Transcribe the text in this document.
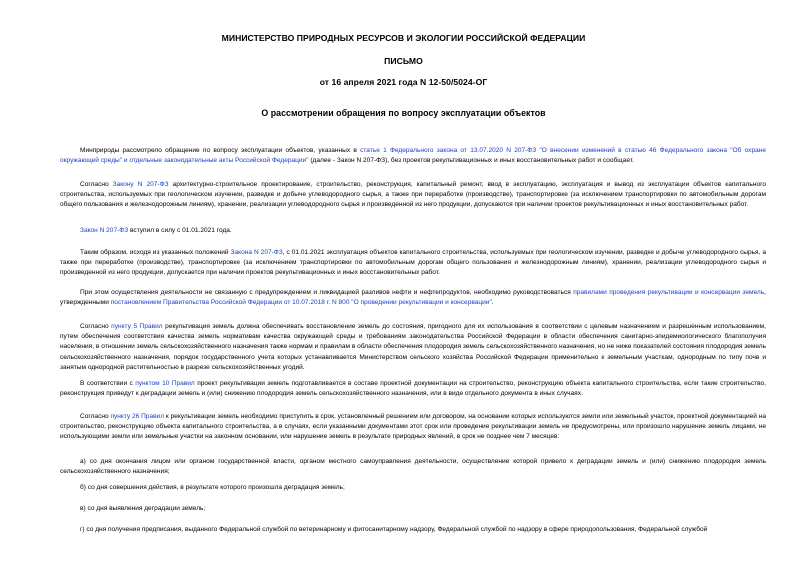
МИНИСТЕРСТВО ПРИРОДНЫХ РЕСУРСОВ И ЭКОЛОГИИ РОССИЙСКОЙ ФЕДЕРАЦИИ
ПИСЬМО
от 16 апреля 2021 года N 12-50/5024-ОГ
О рассмотрении обращения по вопросу эксплуатации объектов

Минприроды рассмотрело обращение по вопросу эксплуатации объектов, указанных в статье 1 Федерального закона от 13.07.2020 N 207-ФЗ "О внесении изменений в статью 46 Федерального закона "Об охране окружающей среды" и отдельные законодательные акты Российской Федерации" (далее - Закон N 207-ФЗ), без проектов рекультивационных и иных восстановительных работ и сообщает.

Согласно Закону N 207-ФЗ архитектурно-строительное проектирование, строительство, реконструкция, капитальный ремонт, ввод в эксплуатацию, эксплуатация и вывод из эксплуатации объектов капитального строительства, используемых при геологическом изучении, разведке и добыче углеводородного сырья, а также при переработке (производстве), транспортировке (за исключением транспортировки по автомобильным дорогам общего пользования и железнодорожным линиям), хранении, реализации углеводородного сырья и произведенной из него продукции, допускаются при наличии проектов рекультивационных и иных восстановительных работ.

Закон N 207-ФЗ вступил в силу с 01.01.2021 года.

Таким образом, исходя из указанных положений Закона N 207-ФЗ, с 01.01.2021 эксплуатация объектов капитального строительства, используемых при геологическом изучении, разведке и добыче углеводородного сырья, а также при переработке (производстве), транспортировке (за исключением транспортировки по автомобильным дорогам общего пользования и железнодорожным линиям), хранении, реализации углеводородного сырья и произведенной из него продукции, допускается при наличии проектов рекультивационных и иных восстановительных работ.

При этом осуществления деятельности не связанную с предупреждением и ликвидацией разливов нефти и нефтепродуктов, необходимо руководствоваться правилами проведения рекультивации и консервации земель, утвержденными постановлением Правительства Российской Федерации от 10.07.2018 г. N 800 "О проведении рекультивации и консервации".

Согласно пункту 5 Правил рекультивация земель должна обеспечивать восстановление земель до состояния, пригодного для их использования в соответствии с целевым назначением и разрешенным использованием, путем обеспечения соответствия качества земель нормативам качества окружающей среды и требованиям законодательства Российской Федерации в области обеспечения санитарно-эпидемиологического благополучия населения, в отношении земель сельскохозяйственного назначения также нормам и правилам в области обеспечения плодородия земель сельскохозяйственного назначения, но не ниже показателей состояния плодородия земель сельскохозяйственного назначения, порядок государственного учета которых устанавливается Министерством сельского хозяйства Российской Федерации применительно к земельным участкам, однородным по типу почв и занятым однородной растительностью в разрезе сельскохозяйственных угодий.

В соответствии с пунктом 10 Правил проект рекультивации земель подготавливается в составе проектной документации на строительство, реконструкцию объекта капитального строительства, если такие строительство, реконструкция приведут к деградации земель и (или) снижению плодородия земель сельскохозяйственного назначения, или в виде отдельного документа в иных случаях.

Согласно пункту 26 Правил к рекультивации земель необходимо приступить в срок, установленный решением или договором, на основании которых используются земли или земельный участок, проектной документацией на строительство, реконструкцию объекта капитального строительства, а в случаях, если указанными документами этот срок или проведение рекультивации земель не предусмотрены, или произошло нарушение земель лицами, не использующими земли или земельные участки на законном основании, или нарушение земель в результате природных явлений, в срок не позднее чем 7 месяцев:

а) со дня окончания лицом или органом государственной власти, органом местного самоуправления деятельности, осуществление которой привело к деградации земель и (или) снижению плодородия земель сельскохозяйственного назначения;

б) со дня совершения действия, в результате которого произошла деградация земель;

в) со дня выявления деградации земель;

г) со дня получения предписания, выданного Федеральной службой по ветеринарному и фитосанитарному надзору, Федеральной службой по надзору в сфере природопользования, Федеральной службой
